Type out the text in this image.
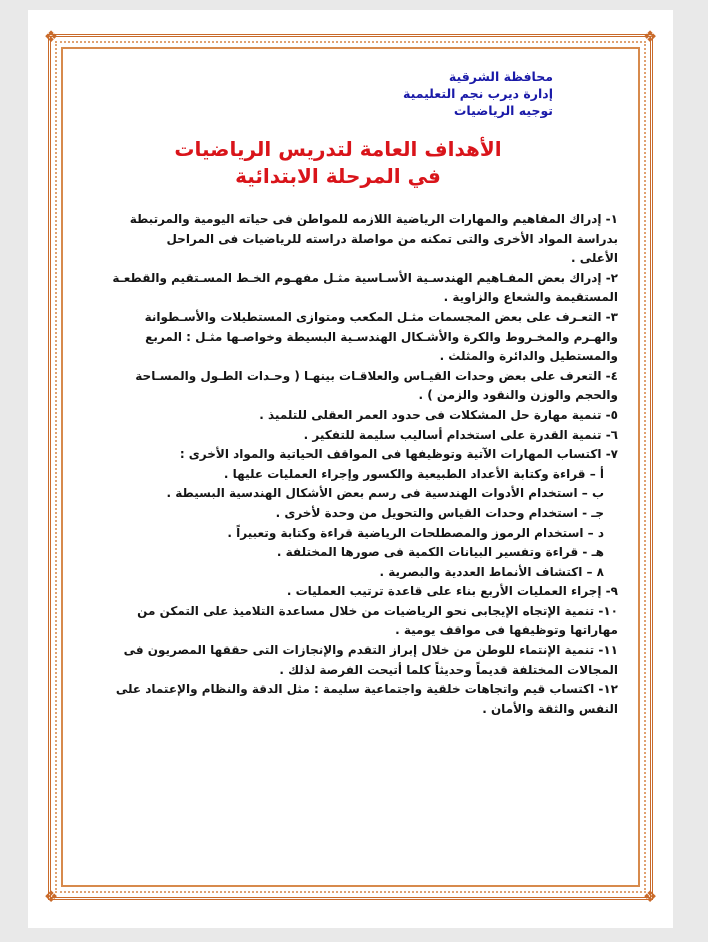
❖	❖
❖	❖
محافظة الشرقية
إدارة ديرب نجم التعليمية
توجيه الرياضيات
الأهداف العامة لتدريس الرياضيات
في المرحلة الابتدائية
١- إدراك المفاهيم والمهارات الرياضية اللازمه للمواطن فى حياته اليومية والمرتبطة
بدراسة المواد الأخرى والتى تمكنه من مواصلة دراسته للرياضيات فى المراحل
الأعلى .
٢- إدراك بعض المفـاهيم الهندسـية الأسـاسية مثـل مفهـوم الخـط المسـتقيم والقطعـة
المستقيمة والشعاع والزاوية .
٣- التعـرف على بعض المجسمات مثـل المكعب ومتوازى المستطيلات والأسـطوانة
والهـرم والمخـروط والكرة والأشـكال الهندسـية البسيطة وخواصـها مثـل : المربع
والمستطيل والدائرة والمثلث .
٤- التعرف على بعض وحدات القيـاس والعلاقـات بينهـا ( وحـدات الطـول والمسـاحة
والحجم والوزن والنقود والزمن ) .
٥- تنمية مهارة حل المشكلات فى حدود العمر العقلى للتلميذ .
٦- تنمية القدرة على استخدام أساليب سليمة للتفكير .
٧- اكتساب المهارات الآتية وتوظيفها فى المواقف الحياتية والمواد الأخرى :
أ – قراءة وكتابة الأعداد الطبيعية والكسور وإجراء العمليات عليها .
ب – استخدام الأدوات الهندسية فى رسم بعض الأشكال الهندسية البسيطة .
جـ - استخدام وحدات القياس والتحويل من وحدة لأخرى .
د – استخدام الرموز والمصطلحات الرياضية قراءة وكتابة وتعبيراً .
هـ - قراءة وتفسير البيانات الكمية فى صورها المختلفة .
٨ – اكتشاف الأنماط العددية والبصرية .
٩- إجراء العمليات الأربع بناء على قاعدة ترتيب العمليات .
١٠- تنمية الإتجاه الإيجابى نحو الرياضيات من خلال مساعدة التلاميذ على التمكن من
مهاراتها وتوظيفها فى مواقف يومية .
١١- تنمية الإنتماء للوطن من خلال إبراز التقدم والإنجازات التى حققها المصريون فى
المجالات المختلفة قديماً وحديثاً كلما أتيحت الفرصة لذلك .
١٢- اكتساب قيم واتجاهات خلقية واجتماعية سليمة : مثل الدقة والنظام والإعتماد على
النفس والثقة والأمان .
